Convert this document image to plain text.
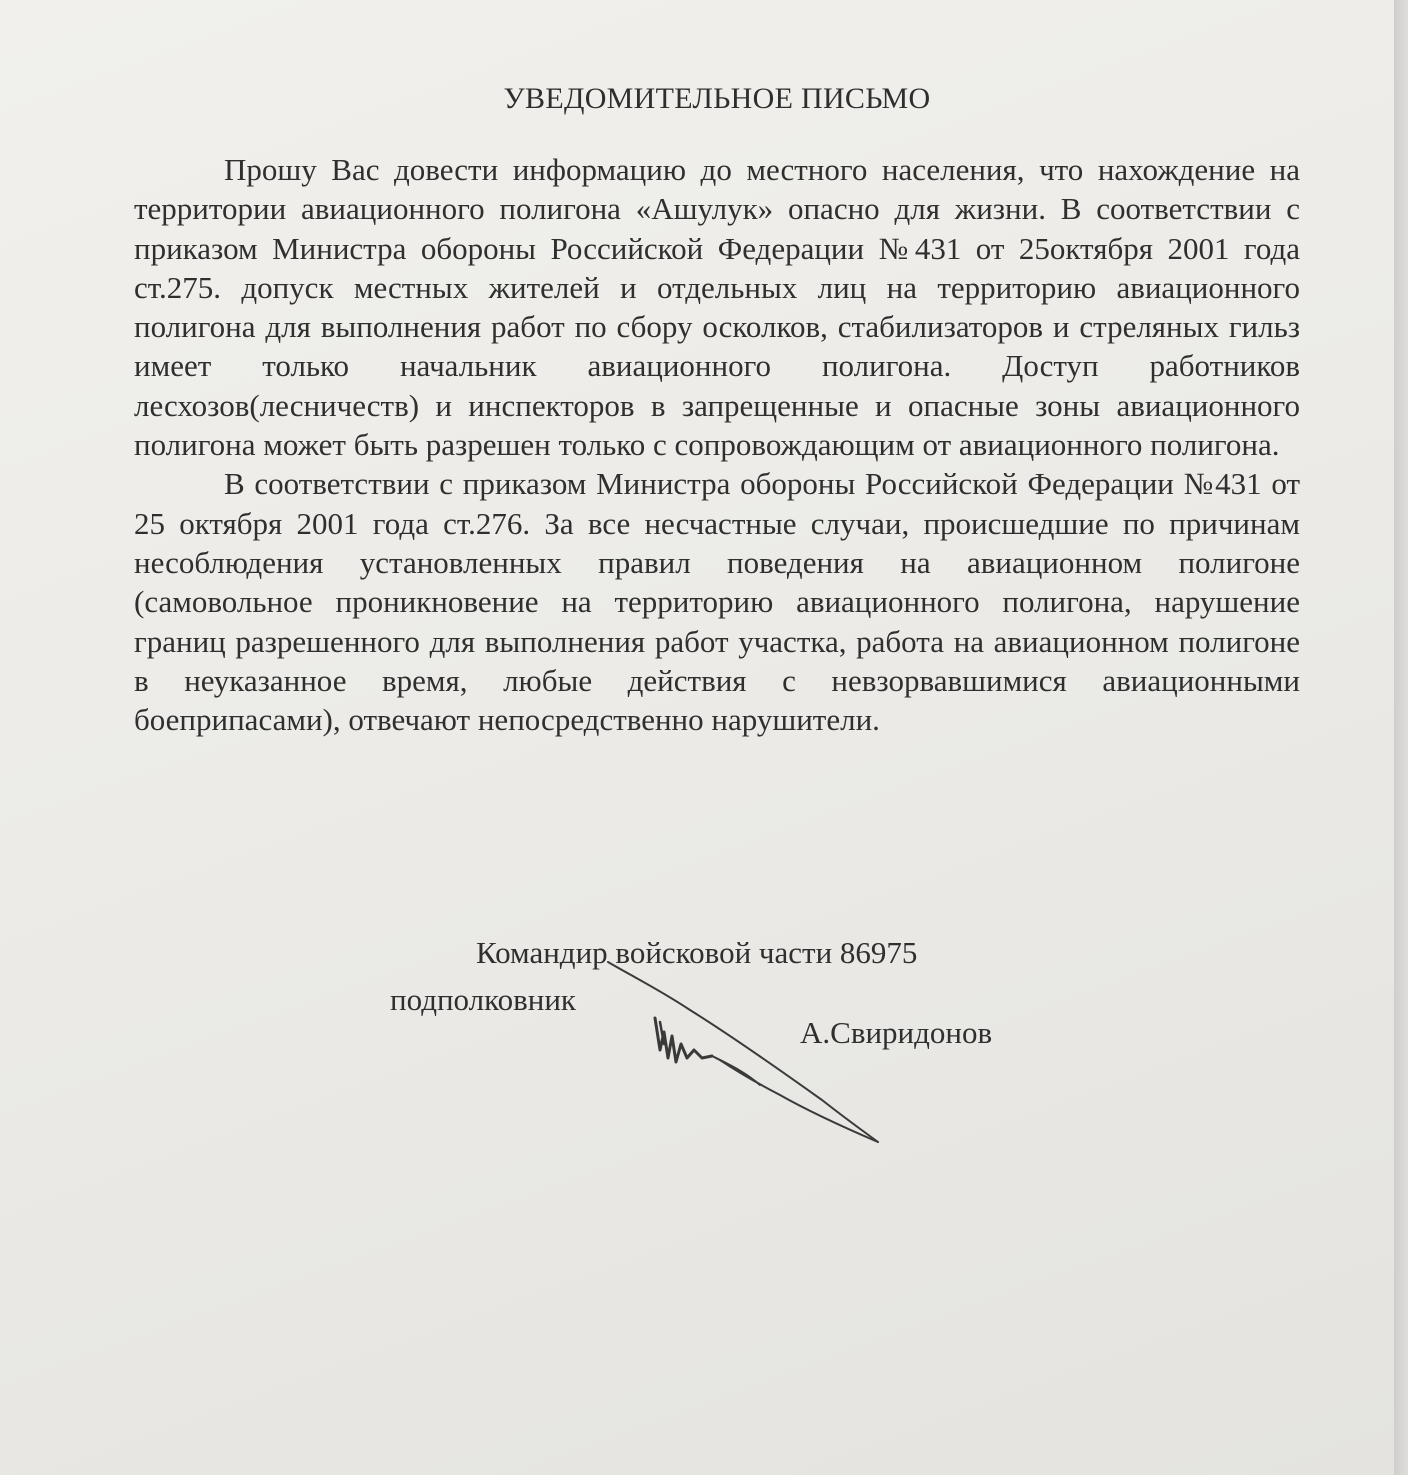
УВЕДОМИТЕЛЬНОЕ ПИСЬМО

Прошу Вас довести информацию до местного населения, что нахождение на территории авиационного полигона «Ашулук» опасно для жизни. В соответствии с приказом Министра обороны Российской Федерации №431 от 25октября 2001 года ст.275. допуск местных жителей и отдельных лиц на территорию авиационного полигона для выполнения работ по сбору осколков, стабилизаторов и стреляных гильз имеет только начальник авиационного полигона. Доступ работников лесхозов(лесничеств) и инспекторов в запрещенные и опасные зоны авиационного полигона может быть разрешен только с сопровождающим от авиационного полигона.

В соответствии с приказом Министра обороны Российской Федерации №431 от 25 октября 2001 года ст.276. За все несчастные случаи, происшедшие по причинам несоблюдения установленных правил поведения на авиационном полигоне (самовольное проникновение на территорию авиационного полигона, нарушение границ разрешенного для выполнения работ участка, работа на авиационном полигоне в неуказанное время, любые действия с невзорвавшимися авиационными боеприпасами), отвечают непосредственно нарушители.

Командир войсковой части 86975
подполковник
А.Свиридонов
